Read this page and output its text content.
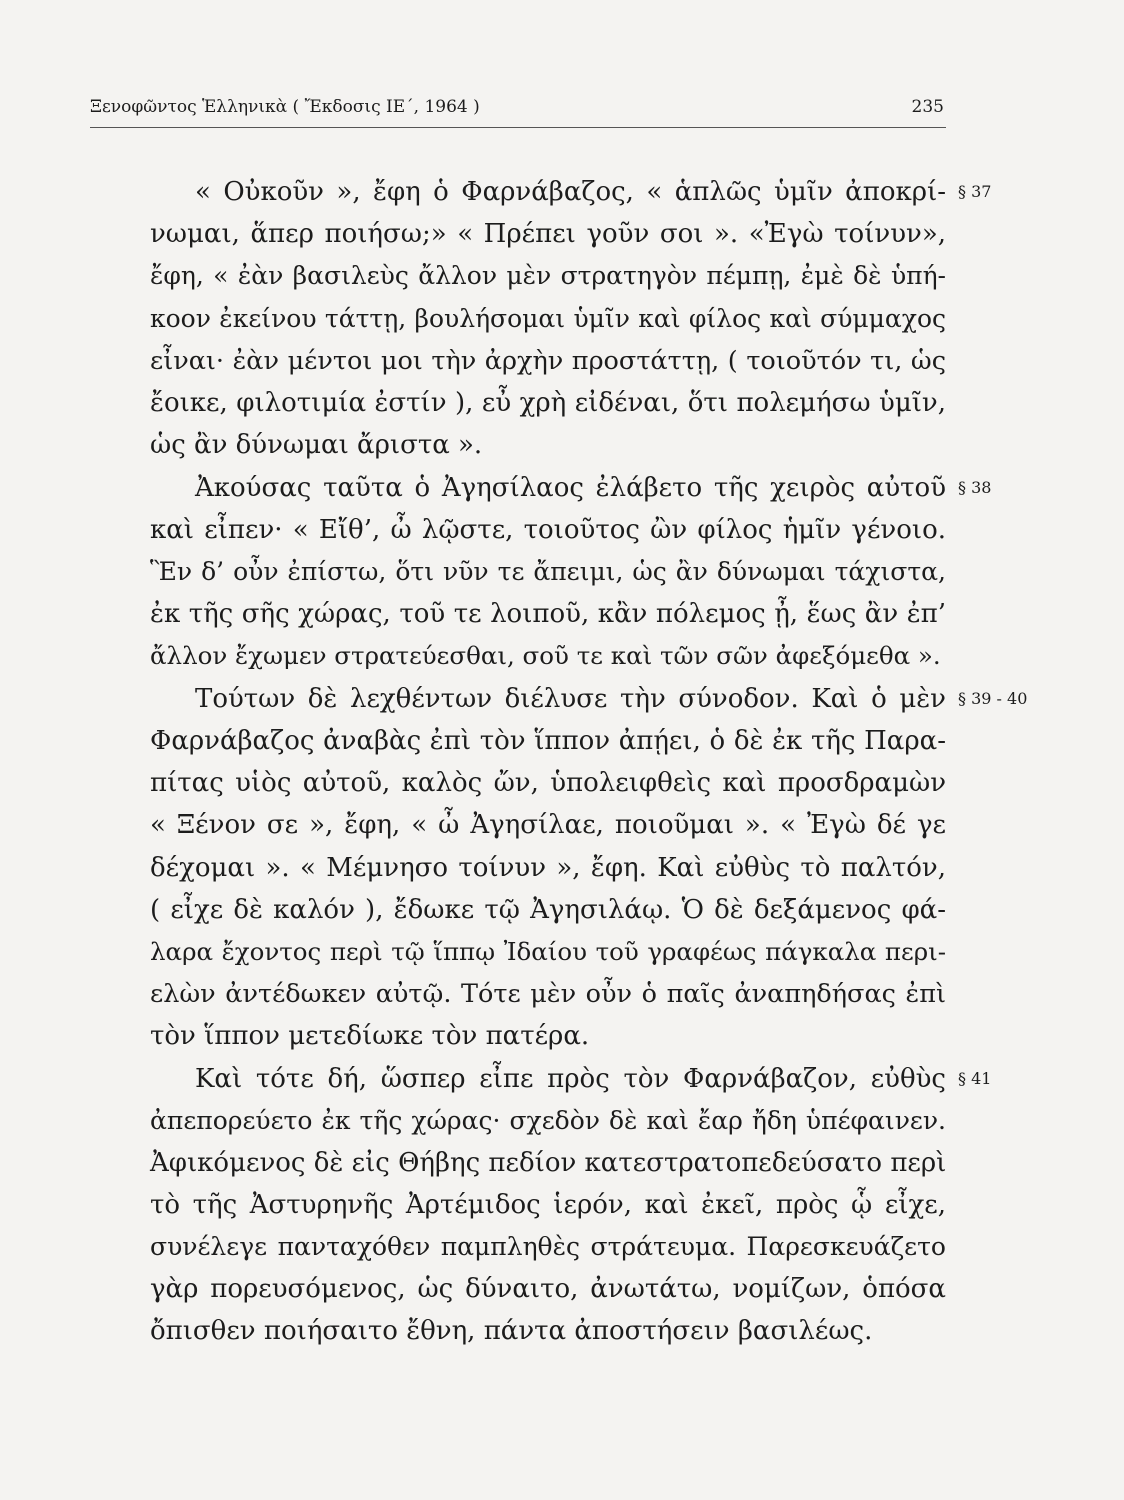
Ξενοφῶντος Ἑλληνικὰ ( Ἔκδοσις ΙΕ΄, 1964 )	235
§ 37
« Οὐκοῦν », ἔφη ὁ Φαρνάβαζος, « ἁπλῶς ὑμῖν ἀποκρί-
νωμαι, ἅπερ ποιήσω;» « Πρέπει γοῦν σοι ». «Ἐγὼ τοίνυν»,
ἔφη, « ἐὰν βασιλεὺς ἄλλον μὲν στρατηγὸν πέμπῃ, ἐμὲ δὲ ὑπή-
κοον ἐκείνου τάττῃ, βουλήσομαι ὑμῖν καὶ φίλος καὶ σύμμαχος
εἶναι· ἐὰν μέντοι μοι τὴν ἀρχὴν προστάττῃ, ( τοιοῦτόν τι, ὡς
ἔοικε, φιλοτιμία ἐστίν ), εὖ χρὴ εἰδέναι, ὅτι πολεμήσω ὑμῖν,
ὡς ἂν δύνωμαι ἄριστα ».
§ 38
Ἀκούσας ταῦτα ὁ Ἀγησίλαος ἐλάβετο τῆς χειρὸς αὐτοῦ
καὶ εἶπεν· « Εἴθ’, ὦ λῷστε, τοιοῦτος ὢν φίλος ἡμῖν γένοιο.
Ἓν δ’ οὖν ἐπίστω, ὅτι νῦν τε ἄπειμι, ὡς ἂν δύνωμαι τάχιστα,
ἐκ τῆς σῆς χώρας, τοῦ τε λοιποῦ, κἂν πόλεμος ᾖ, ἕως ἂν ἐπ’
ἄλλον ἔχωμεν στρατεύεσθαι, σοῦ τε καὶ τῶν σῶν ἀφεξόμεθα ».
§ 39 - 40
Τούτων δὲ λεχθέντων διέλυσε τὴν σύνοδον. Καὶ ὁ μὲν
Φαρνάβαζος ἀναβὰς ἐπὶ τὸν ἵππον ἀπῄει, ὁ δὲ ἐκ τῆς Παρα-
πίτας υἱὸς αὐτοῦ, καλὸς ὤν, ὑπολειφθεὶς καὶ προσδραμὼν
« Ξένον σε », ἔφη, « ὦ Ἀγησίλαε, ποιοῦμαι ». « Ἐγὼ δέ γε
δέχομαι ». « Μέμνησο τοίνυν », ἔφη. Καὶ εὐθὺς τὸ παλτόν,
( εἶχε δὲ καλόν ), ἔδωκε τῷ Ἀγησιλάῳ. Ὁ δὲ δεξάμενος φά-
λαρα ἔχοντος περὶ τῷ ἵππῳ Ἰδαίου τοῦ γραφέως πάγκαλα περι-
ελὼν ἀντέδωκεν αὐτῷ. Τότε μὲν οὖν ὁ παῖς ἀναπηδήσας ἐπὶ
τὸν ἵππον μετεδίωκε τὸν πατέρα.
§ 41
Καὶ τότε δή, ὥσπερ εἶπε πρὸς τὸν Φαρνάβαζον, εὐθὺς
ἀπεπορεύετο ἐκ τῆς χώρας· σχεδὸν δὲ καὶ ἔαρ ἤδη ὑπέφαινεν.
Ἀφικόμενος δὲ εἰς Θήβης πεδίον κατεστρατοπεδεύσατο περὶ
τὸ τῆς Ἀστυρηνῆς Ἀρτέμιδος ἱερόν, καὶ ἐκεῖ, πρὸς ᾧ εἶχε,
συνέλεγε πανταχόθεν παμπληθὲς στράτευμα. Παρεσκευάζετο
γὰρ πορευσόμενος, ὡς δύναιτο, ἀνωτάτω, νομίζων, ὁπόσα
ὄπισθεν ποιήσαιτο ἔθνη, πάντα ἀποστήσειν βασιλέως.
